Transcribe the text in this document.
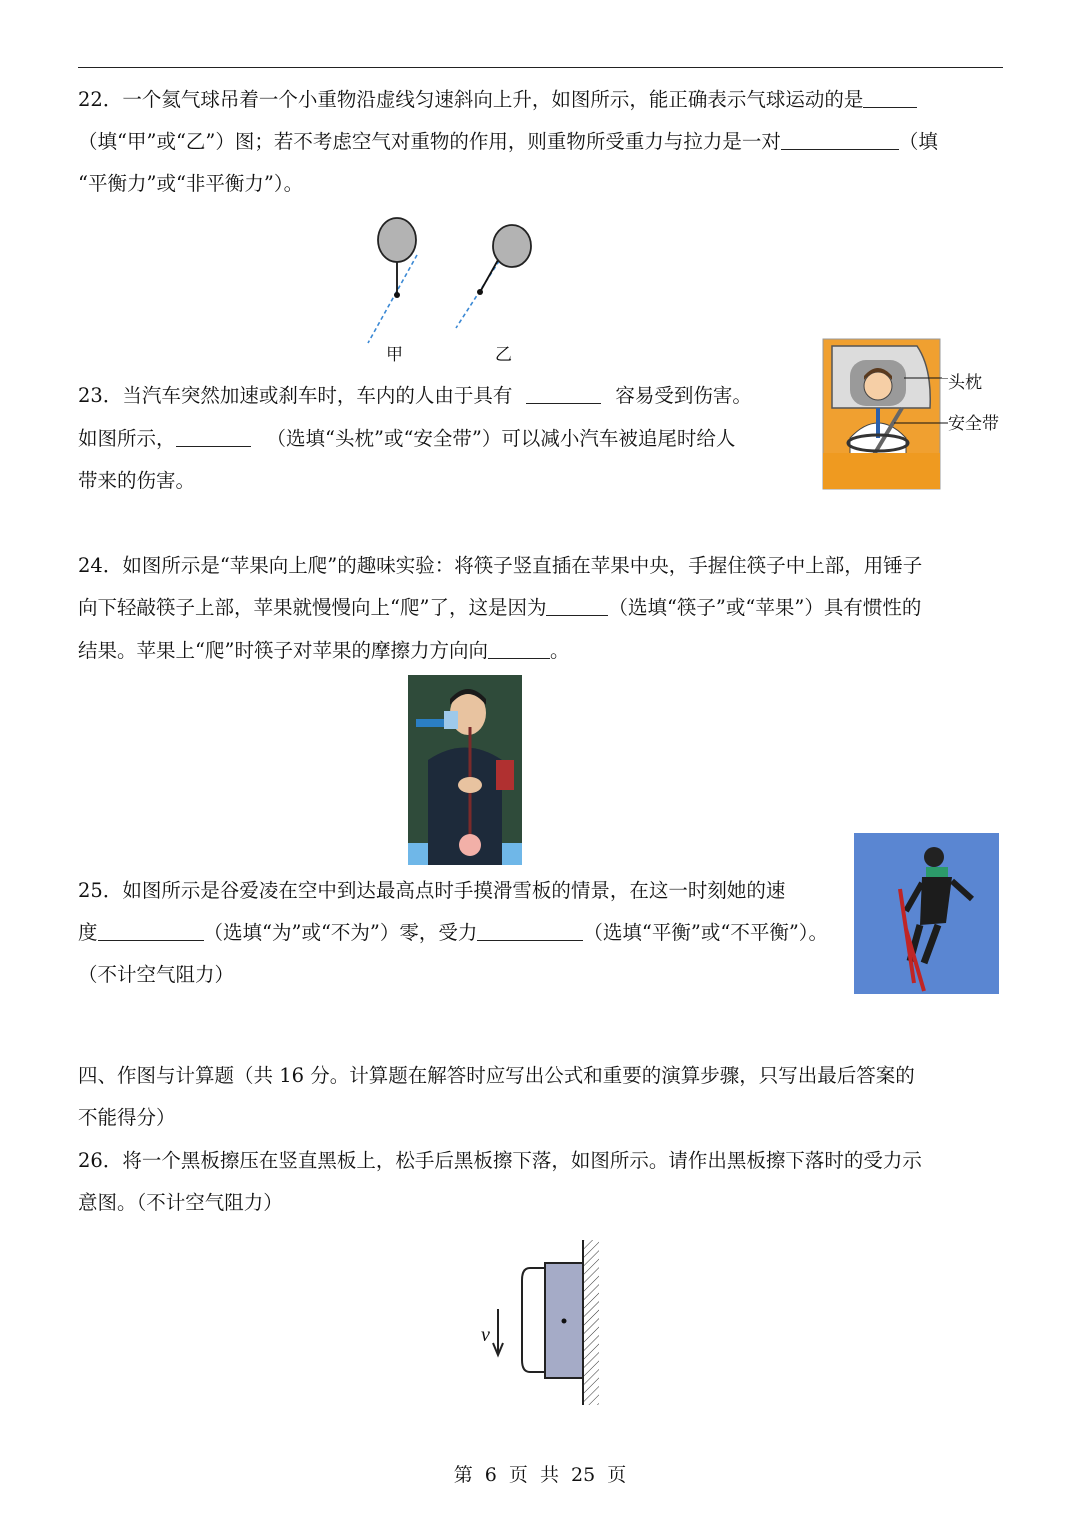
22．一个氦气球吊着一个小重物沿虚线匀速斜向上升，如图所示，能正确表示气球运动的是
（填“甲”或“乙”）图；若不考虑空气对重物的作用，则重物所受重力与拉力是一对	（填
“平衡力”或“非平衡力”）。
甲	乙
23．当汽车突然加速或刹车时，车内的人由于具有	容易受到伤害。
如图所示，	（选填“头枕”或“安全带”）可以减小汽车被追尾时给人
带来的伤害。
头枕
安全带
24．如图所示是“苹果向上爬”的趣味实验：将筷子竖直插在苹果中央，手握住筷子中上部，用锤子
向下轻敲筷子上部，苹果就慢慢向上“爬”了，这是因为	（选填“筷子”或“苹果”）具有惯性的
结果。苹果上“爬”时筷子对苹果的摩擦力方向向	。
25．如图所示是谷爱凌在空中到达最高点时手摸滑雪板的情景，在这一时刻她的速
度	（选填“为”或“不为”）零，受力	（选填“平衡”或“不平衡”）。
（不计空气阻力）
四、作图与计算题（共 16 分。计算题在解答时应写出公式和重要的演算步骤，只写出最后答案的
不能得分）
26．将一个黑板擦压在竖直黑板上，松手后黑板擦下落，如图所示。请作出黑板擦下落时的受力示
意图。（不计空气阻力）
v
第 6 页 共 25 页
